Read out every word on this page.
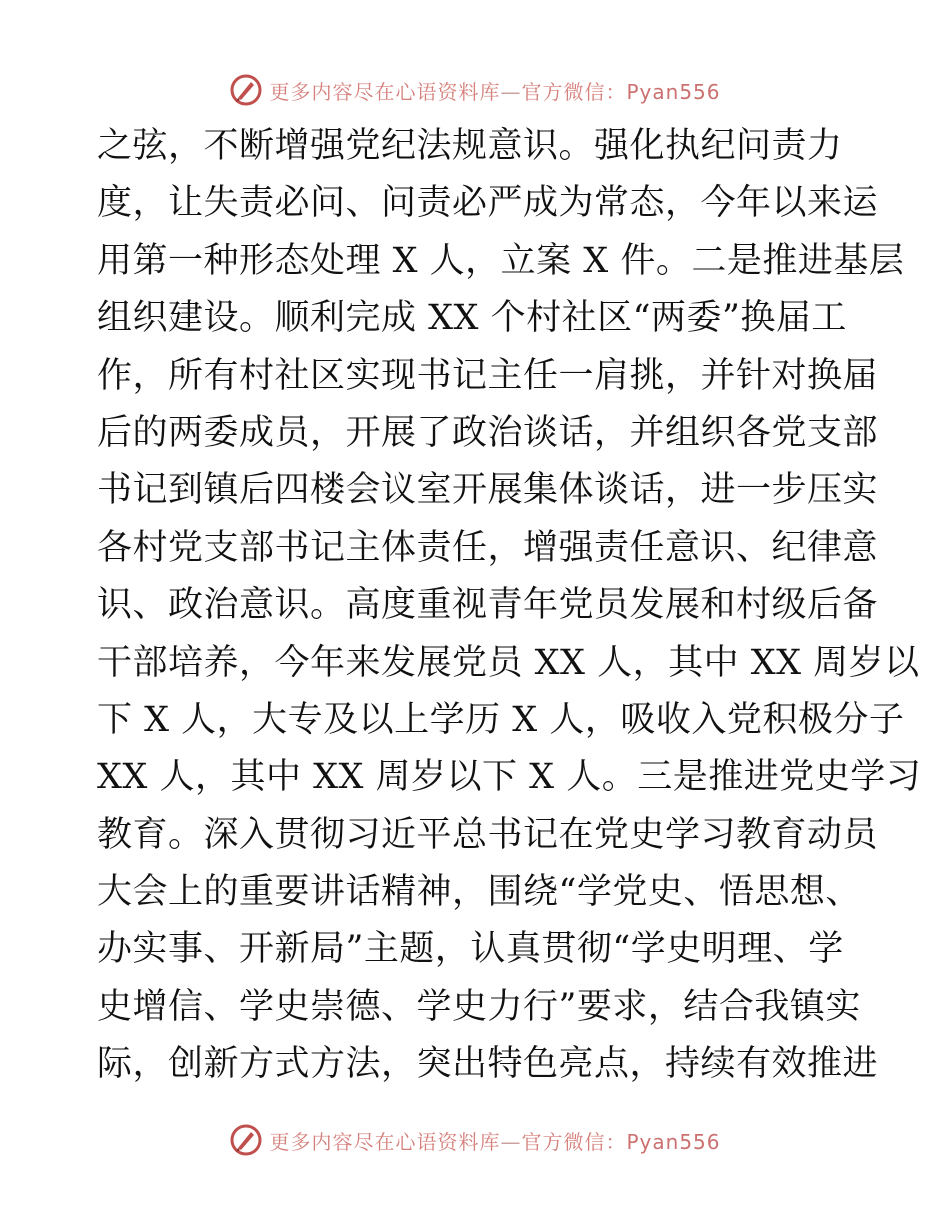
更多内容尽在心语资料库—官方微信：Pyan556
之弦，不断增强党纪法规意识。强化执纪问责力
度，让失责必问、问责必严成为常态，今年以来运
用第一种形态处理 X 人，立案 X 件。二是推进基层
组织建设。顺利完成 XX 个村社区“两委”换届工
作，所有村社区实现书记主任一肩挑，并针对换届
后的两委成员，开展了政治谈话，并组织各党支部
书记到镇后四楼会议室开展集体谈话，进一步压实
各村党支部书记主体责任，增强责任意识、纪律意
识、政治意识。高度重视青年党员发展和村级后备
干部培养，今年来发展党员 XX 人，其中 XX 周岁以
下 X 人，大专及以上学历 X 人，吸收入党积极分子
XX 人，其中 XX 周岁以下 X 人。三是推进党史学习
教育。深入贯彻习近平总书记在党史学习教育动员
大会上的重要讲话精神，围绕“学党史、悟思想、
办实事、开新局”主题，认真贯彻“学史明理、学
史增信、学史崇德、学史力行”要求，结合我镇实
际，创新方式方法，突出特色亮点，持续有效推进
更多内容尽在心语资料库—官方微信：Pyan556
